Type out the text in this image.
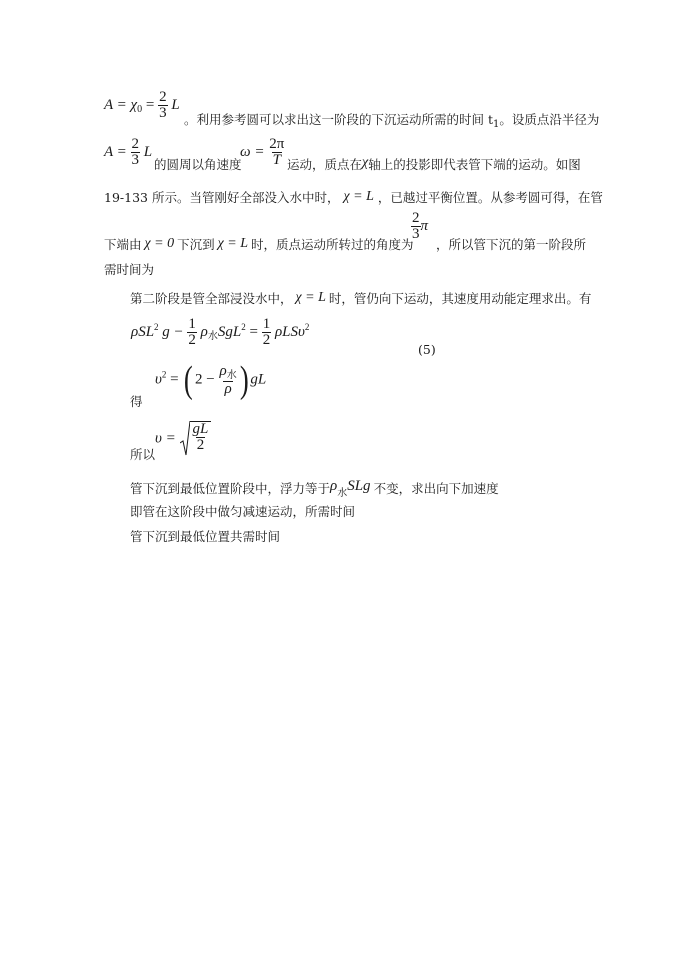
$A = \chi_0 = \frac{2}{3}$ L
。利用参考圆可以求出这一阶段的下沉运动所需的时间 $t_1$。设质点沿半径为
$A = \frac{2}{3}$ L
的圆周以角速度
$\omega = \frac{2\pi}{T}$ 运动，质点在χ轴上的投影即代表管下端的运动。如图
19-133 所示。当管刚好全部没入水中时， χ = L ，已越过平衡位置。从参考圆可得，在管
下端由 χ = 0 下沉到 χ = L 时，质点运动所转过的角度为
$\frac{2}{3}$ π
，所以管下沉的第一阶段所
需时间为
第二阶段是管全部浸没水中， χ = L 时，管仍向下运动，其速度用动能定理求出。有
ρSL$^2$ $g - \frac{1}{2} \rho_水SgL^2 = \frac{1}{2} \rho LS\upsilon^2$
(5)
$\upsilon^2$ = ( $2 - \frac{\rho_水}{\rho}$ ) gL
得
$\upsilon = \frac{gL}{2}$
所以
管下沉到最低位置阶段中，浮力等于$\rho_水SLg$ 不变，求出向下加速度
即管在这阶段中做匀减速运动，所需时间
管下沉到最低位置共需时间
